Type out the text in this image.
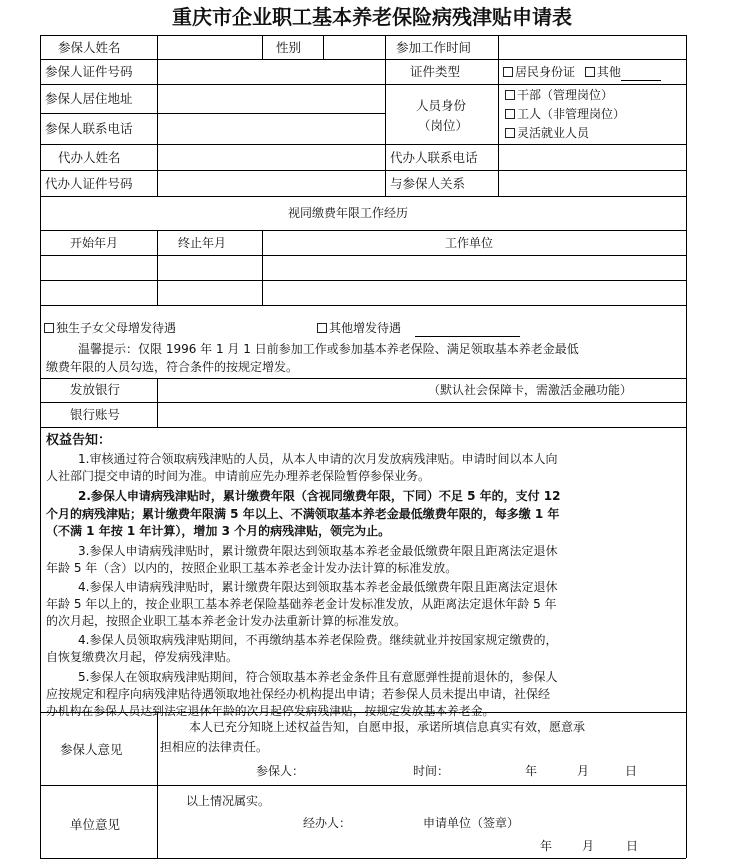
重庆市企业职工基本养老保险病残津贴申请表
参保人姓名	性别	参加工作时间
参保人证件号码	证件类型	居民身份证 其他
参保人居住地址
参保人联系电话
人员身份
（岗位）
干部（管理岗位）
工人（非管理岗位）
灵活就业人员
代办人姓名	代办人联系电话
代办人证件号码	与参保人关系
视同缴费年限工作经历
开始年月	终止年月	工作单位
独生子女父母增发待遇	其他增发待遇
温馨提示：仅限 1996 年 1 月 1 日前参加工作或参加基本养老保险、满足领取基本养老金最低
缴费年限的人员勾选，符合条件的按规定增发。
发放银行	（默认社会保障卡，需激活金融功能）
银行账号
权益告知：
1.审核通过符合领取病残津贴的人员，从本人申请的次月发放病残津贴。申请时间以本人向
人社部门提交申请的时间为准。申请前应先办理养老保险暂停参保业务。
2.参保人申请病残津贴时，累计缴费年限（含视同缴费年限，下同）不足 5 年的，支付 12
个月的病残津贴；累计缴费年限满 5 年以上、不满领取基本养老金最低缴费年限的，每多缴 1 年
（不满 1 年按 1 年计算），增加 3 个月的病残津贴，领完为止。
3.参保人申请病残津贴时，累计缴费年限达到领取基本养老金最低缴费年限且距离法定退休
年龄 5 年（含）以内的，按照企业职工基本养老金计发办法计算的标准发放。
4.参保人申请病残津贴时，累计缴费年限达到领取基本养老金最低缴费年限且距离法定退休
年龄 5 年以上的，按企业职工基本养老保险基础养老金计发标准发放，从距离法定退休年龄 5 年
的次月起，按照企业职工基本养老金计发办法重新计算的标准发放。
4.参保人员领取病残津贴期间，不再缴纳基本养老保险费。继续就业并按国家规定缴费的，
自恢复缴费次月起，停发病残津贴。
5.参保人在领取病残津贴期间，符合领取基本养老金条件且有意愿弹性提前退休的，参保人
应按规定和程序向病残津贴待遇领取地社保经办机构提出申请；若参保人员未提出申请，社保经
办机构在参保人员达到法定退休年龄的次月起停发病残津贴，按规定发放基本养老金。
参保人意见
本人已充分知晓上述权益告知，自愿申报，承诺所填信息真实有效，愿意承
担相应的法律责任。
参保人：	时间：	年	月	日
单位意见
以上情况属实。
经办人：	申请单位（签章）
年 月	日
